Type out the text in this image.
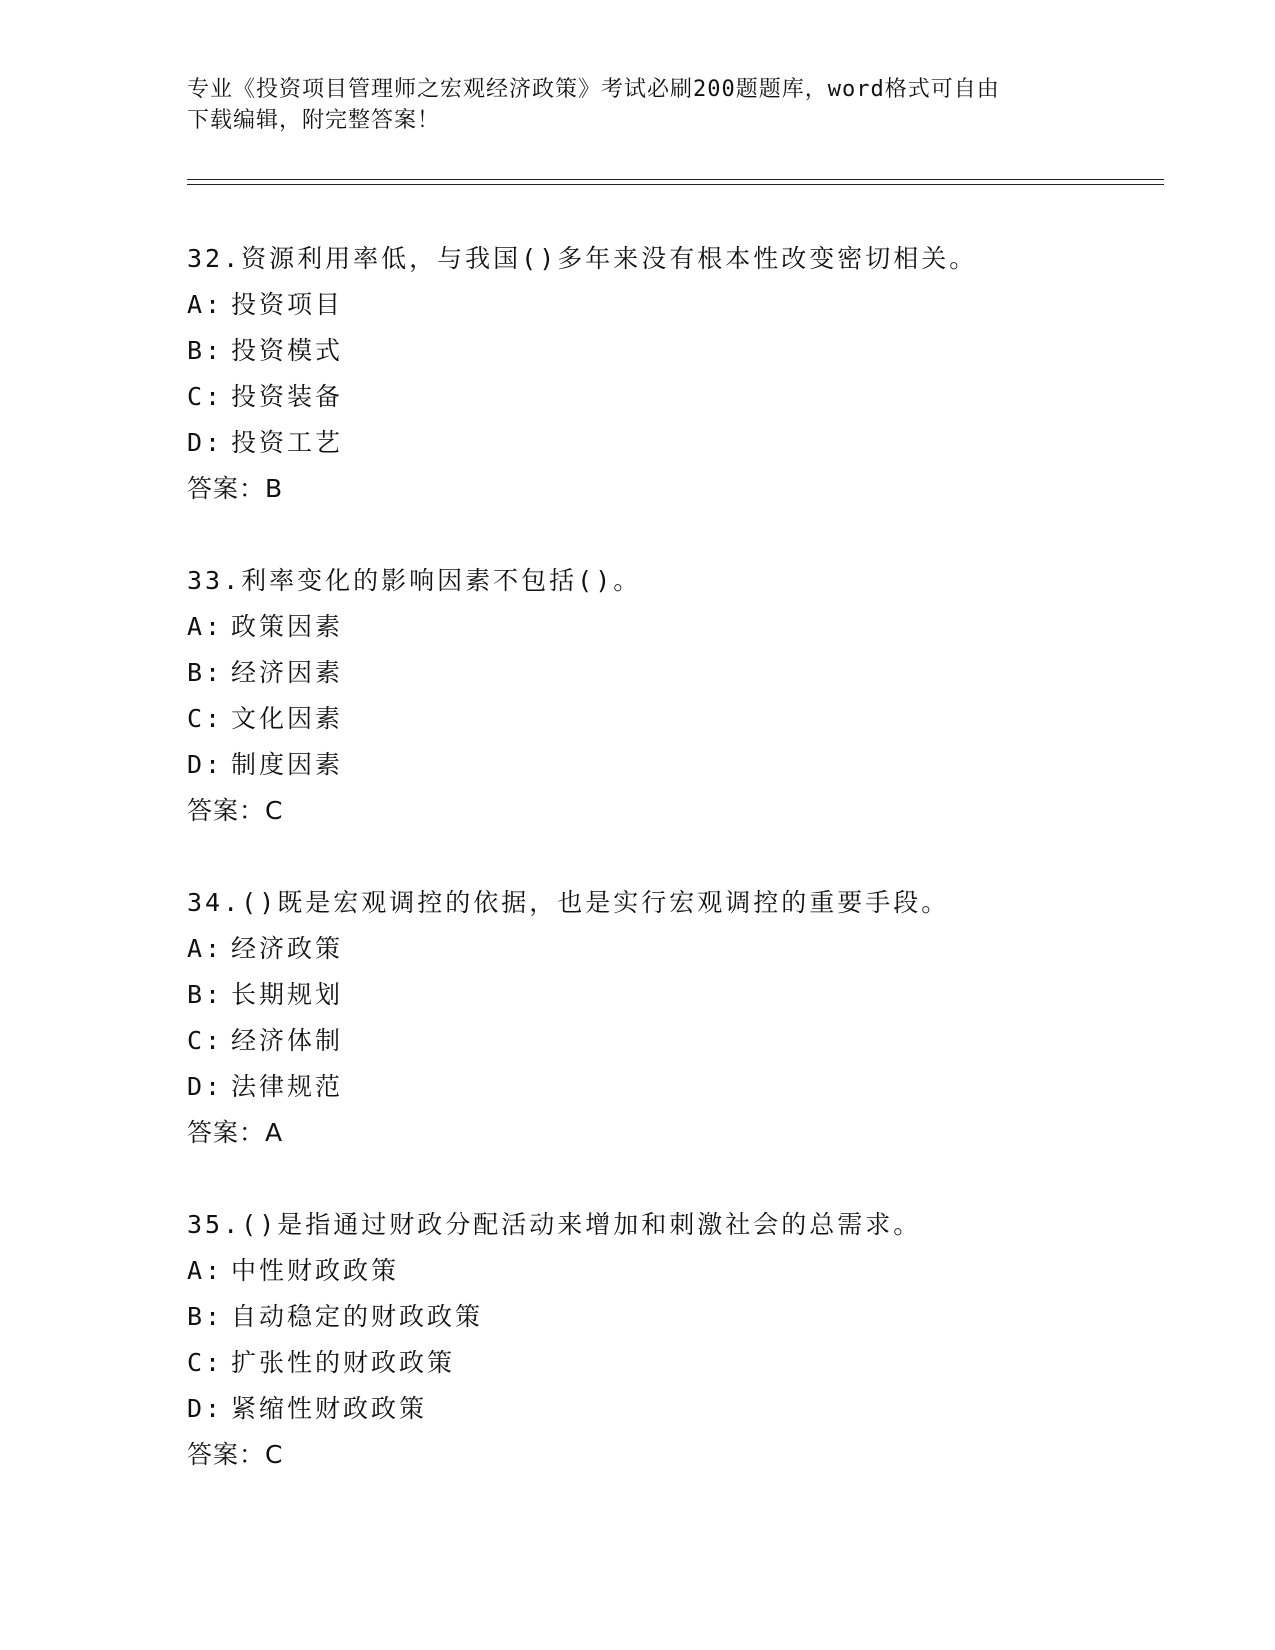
专业《投资项目管理师之宏观经济政策》考试必刷200题题库，word格式可自由
下载编辑，附完整答案！
32.资源利用率低，与我国()多年来没有根本性改变密切相关。
A: 投资项目
B: 投资模式
C: 投资装备
D: 投资工艺
答案：B
33.利率变化的影响因素不包括()。
A: 政策因素
B: 经济因素
C: 文化因素
D: 制度因素
答案：C
34.()既是宏观调控的依据，也是实行宏观调控的重要手段。
A: 经济政策
B: 长期规划
C: 经济体制
D: 法律规范
答案：A
35.()是指通过财政分配活动来增加和刺激社会的总需求。
A: 中性财政政策
B: 自动稳定的财政政策
C: 扩张性的财政政策
D: 紧缩性财政政策
答案：C
